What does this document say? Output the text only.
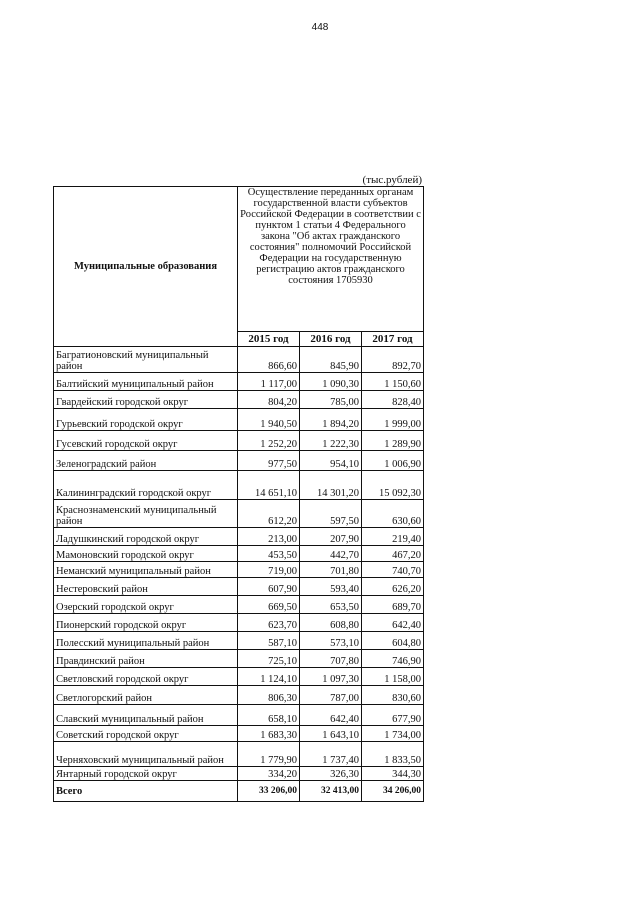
448
(тыс.рублей)
Муниципальные образования	Осуществление переданных органам государственной власти субъектов Российской Федерации в соответствии с пунктом 1 статьи 4 Федерального закона "Об актах гражданского состояния" полномочий Российской Федерации на государственную регистрацию актов гражданского состояния 1705930		
	2015 год	2016 год	2017 год
Багратионовский муниципальный район	866,60	845,90	892,70
Балтийский муниципальный район	1 117,00	1 090,30	1 150,60
Гвардейский городской округ	804,20	785,00	828,40
Гурьевский городской округ	1 940,50	1 894,20	1 999,00
Гусевский городской округ	1 252,20	1 222,30	1 289,90
Зеленоградский район	977,50	954,10	1 006,90
Калининградский городской округ	14 651,10	14 301,20	15 092,30
Краснознаменский муниципальный район	612,20	597,50	630,60
Ладушкинский городской округ	213,00	207,90	219,40
Мамоновский городской округ	453,50	442,70	467,20
Неманский муниципальный район	719,00	701,80	740,70
Нестеровский район	607,90	593,40	626,20
Озерский городской округ	669,50	653,50	689,70
Пионерский городской округ	623,70	608,80	642,40
Полесский муниципальный район	587,10	573,10	604,80
Правдинский район	725,10	707,80	746,90
Светловский городской округ	1 124,10	1 097,30	1 158,00
Светлогорский район	806,30	787,00	830,60
Славский муниципальный район	658,10	642,40	677,90
Советский городской округ	1 683,30	1 643,10	1 734,00
Черняховский муниципальный район	1 779,90	1 737,40	1 833,50
Янтарный городской округ	334,20	326,30	344,30
Всего	33 206,00	32 413,00	34 206,00
